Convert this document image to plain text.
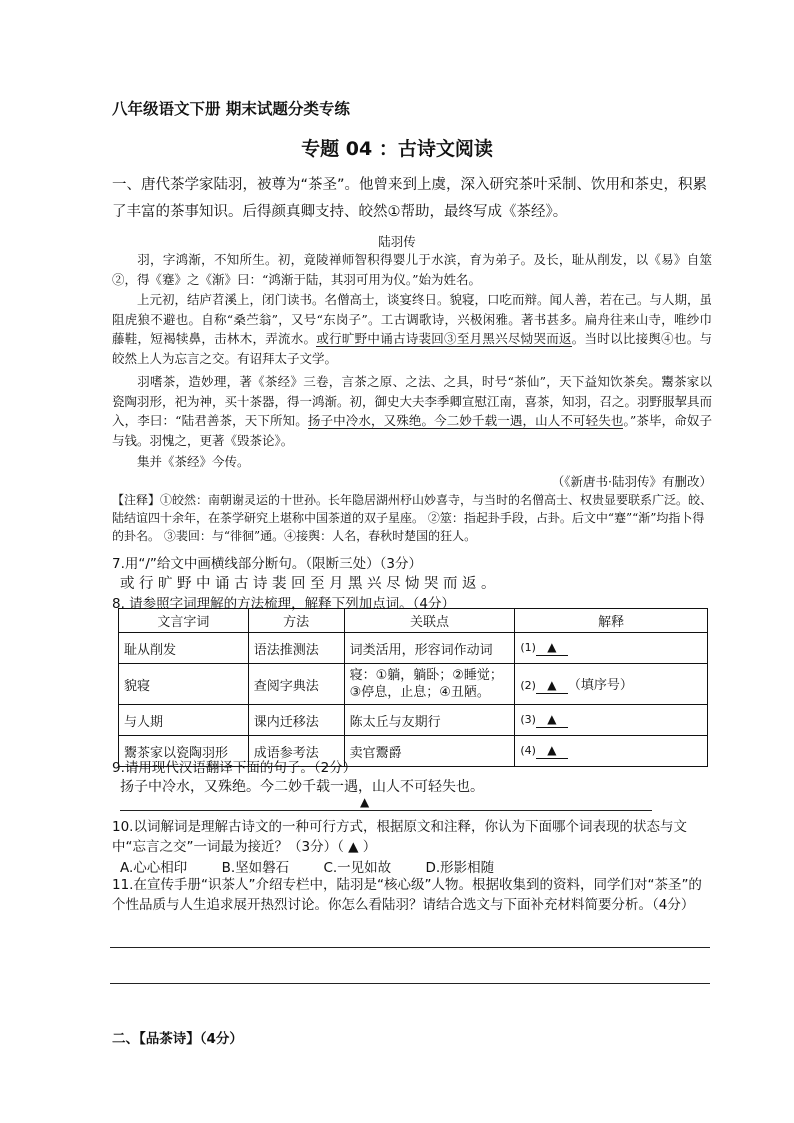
八年级语文下册 期末试题分类专练
专题 04 ：古诗文阅读
一、唐代茶学家陆羽，被尊为“茶圣”。他曾来到上虞，深入研究茶叶采制、饮用和茶史，积累了丰富的茶事知识。后得颜真卿支持、皎然①帮助，最终写成《茶经》。
陆羽传
羽，字鸿渐，不知所生。初，竟陵禅师智积得婴儿于水滨，育为弟子。及长，耻从削发，以《易》自筮②，得《蹇》之《渐》曰：“鸿渐于陆，其羽可用为仪。”始为姓名。
上元初，结庐苕溪上，闭门读书。名僧高士，谈宴终日。貌寝，口吃而辩。闻人善，若在己。与人期，虽阻虎狼不避也。自称“桑苎翁”，又号“东岗子”。工古调歌诗，兴极闲雅。著书甚多。扁舟往来山寺，唯纱巾藤鞋，短褐犊鼻，击林木，弄流水。或行旷野中诵古诗裴回③至月黑兴尽恸哭而返。当时以比接舆④也。与皎然上人为忘言之交。有诏拜太子文学。
羽嗜茶，造妙理，著《茶经》三卷，言茶之原、之法、之具，时号“茶仙”，天下益知饮茶矣。鬻茶家以瓷陶羽形，祀为神，买十茶器，得一鸿渐。初，御史大夫李季卿宣慰江南，喜茶，知羽，召之。羽野服挈具而入，李曰：“陆君善茶，天下所知。扬子中冷水，又殊绝。今二妙千载一遇，山人不可轻失也。”茶毕，命奴子与钱。羽愧之，更著《毁茶论》。
集并《茶经》今传。
（《新唐书·陆羽传》有删改）
【注释】①皎然：南朝谢灵运的十世孙。长年隐居湖州杼山妙喜寺，与当时的名僧高士、权贵显要联系广泛。皎、陆结谊四十余年，在茶学研究上堪称中国茶道的双子星座。 ②筮：指起卦手段，占卦。后文中“蹇”“渐”均指卜得的卦名。 ③裴回：与“徘徊”通。④接舆：人名，春秋时楚国的狂人。
7.用“/”给文中画横线部分断句。（限断三处）（3分）
或行旷野中诵古诗裴回至月黑兴尽恸哭而返。
8. 请参照字词理解的方法梳理，解释下列加点词。（4分）
文言字词	方法	关联点	解释
耻从削发	语法推测法	词类活用，形容词作动词	(1) ▲
貌寝	查阅字典法	寝：①躺，躺卧；②睡觉；③停息，止息；④丑陋。	(2) ▲ （填序号）
与人期	课内迁移法	陈太丘与友期行	(3) ▲
鬻茶家以瓷陶羽形	成语参考法	卖官鬻爵	(4) ▲
9.请用现代汉语翻译下面的句子。（2分）
扬子中冷水，又殊绝。今二妙千载一遇，山人不可轻失也。
▲
10.以词解词是理解古诗文的一种可行方式，根据原文和注释，你认为下面哪个词表现的状态与文中“忘言之交”一词最为接近？（3分）（ ▲ ）
A.心心相印	B.坚如磐石	C.一见如故	D.形影相随
11.在宣传手册“识茶人”介绍专栏中，陆羽是“核心级”人物。根据收集到的资料，同学们对“茶圣”的个性品质与人生追求展开热烈讨论。你怎么看陆羽？请结合选文与下面补充材料简要分析。（4分）
二、【品茶诗】（4分）
